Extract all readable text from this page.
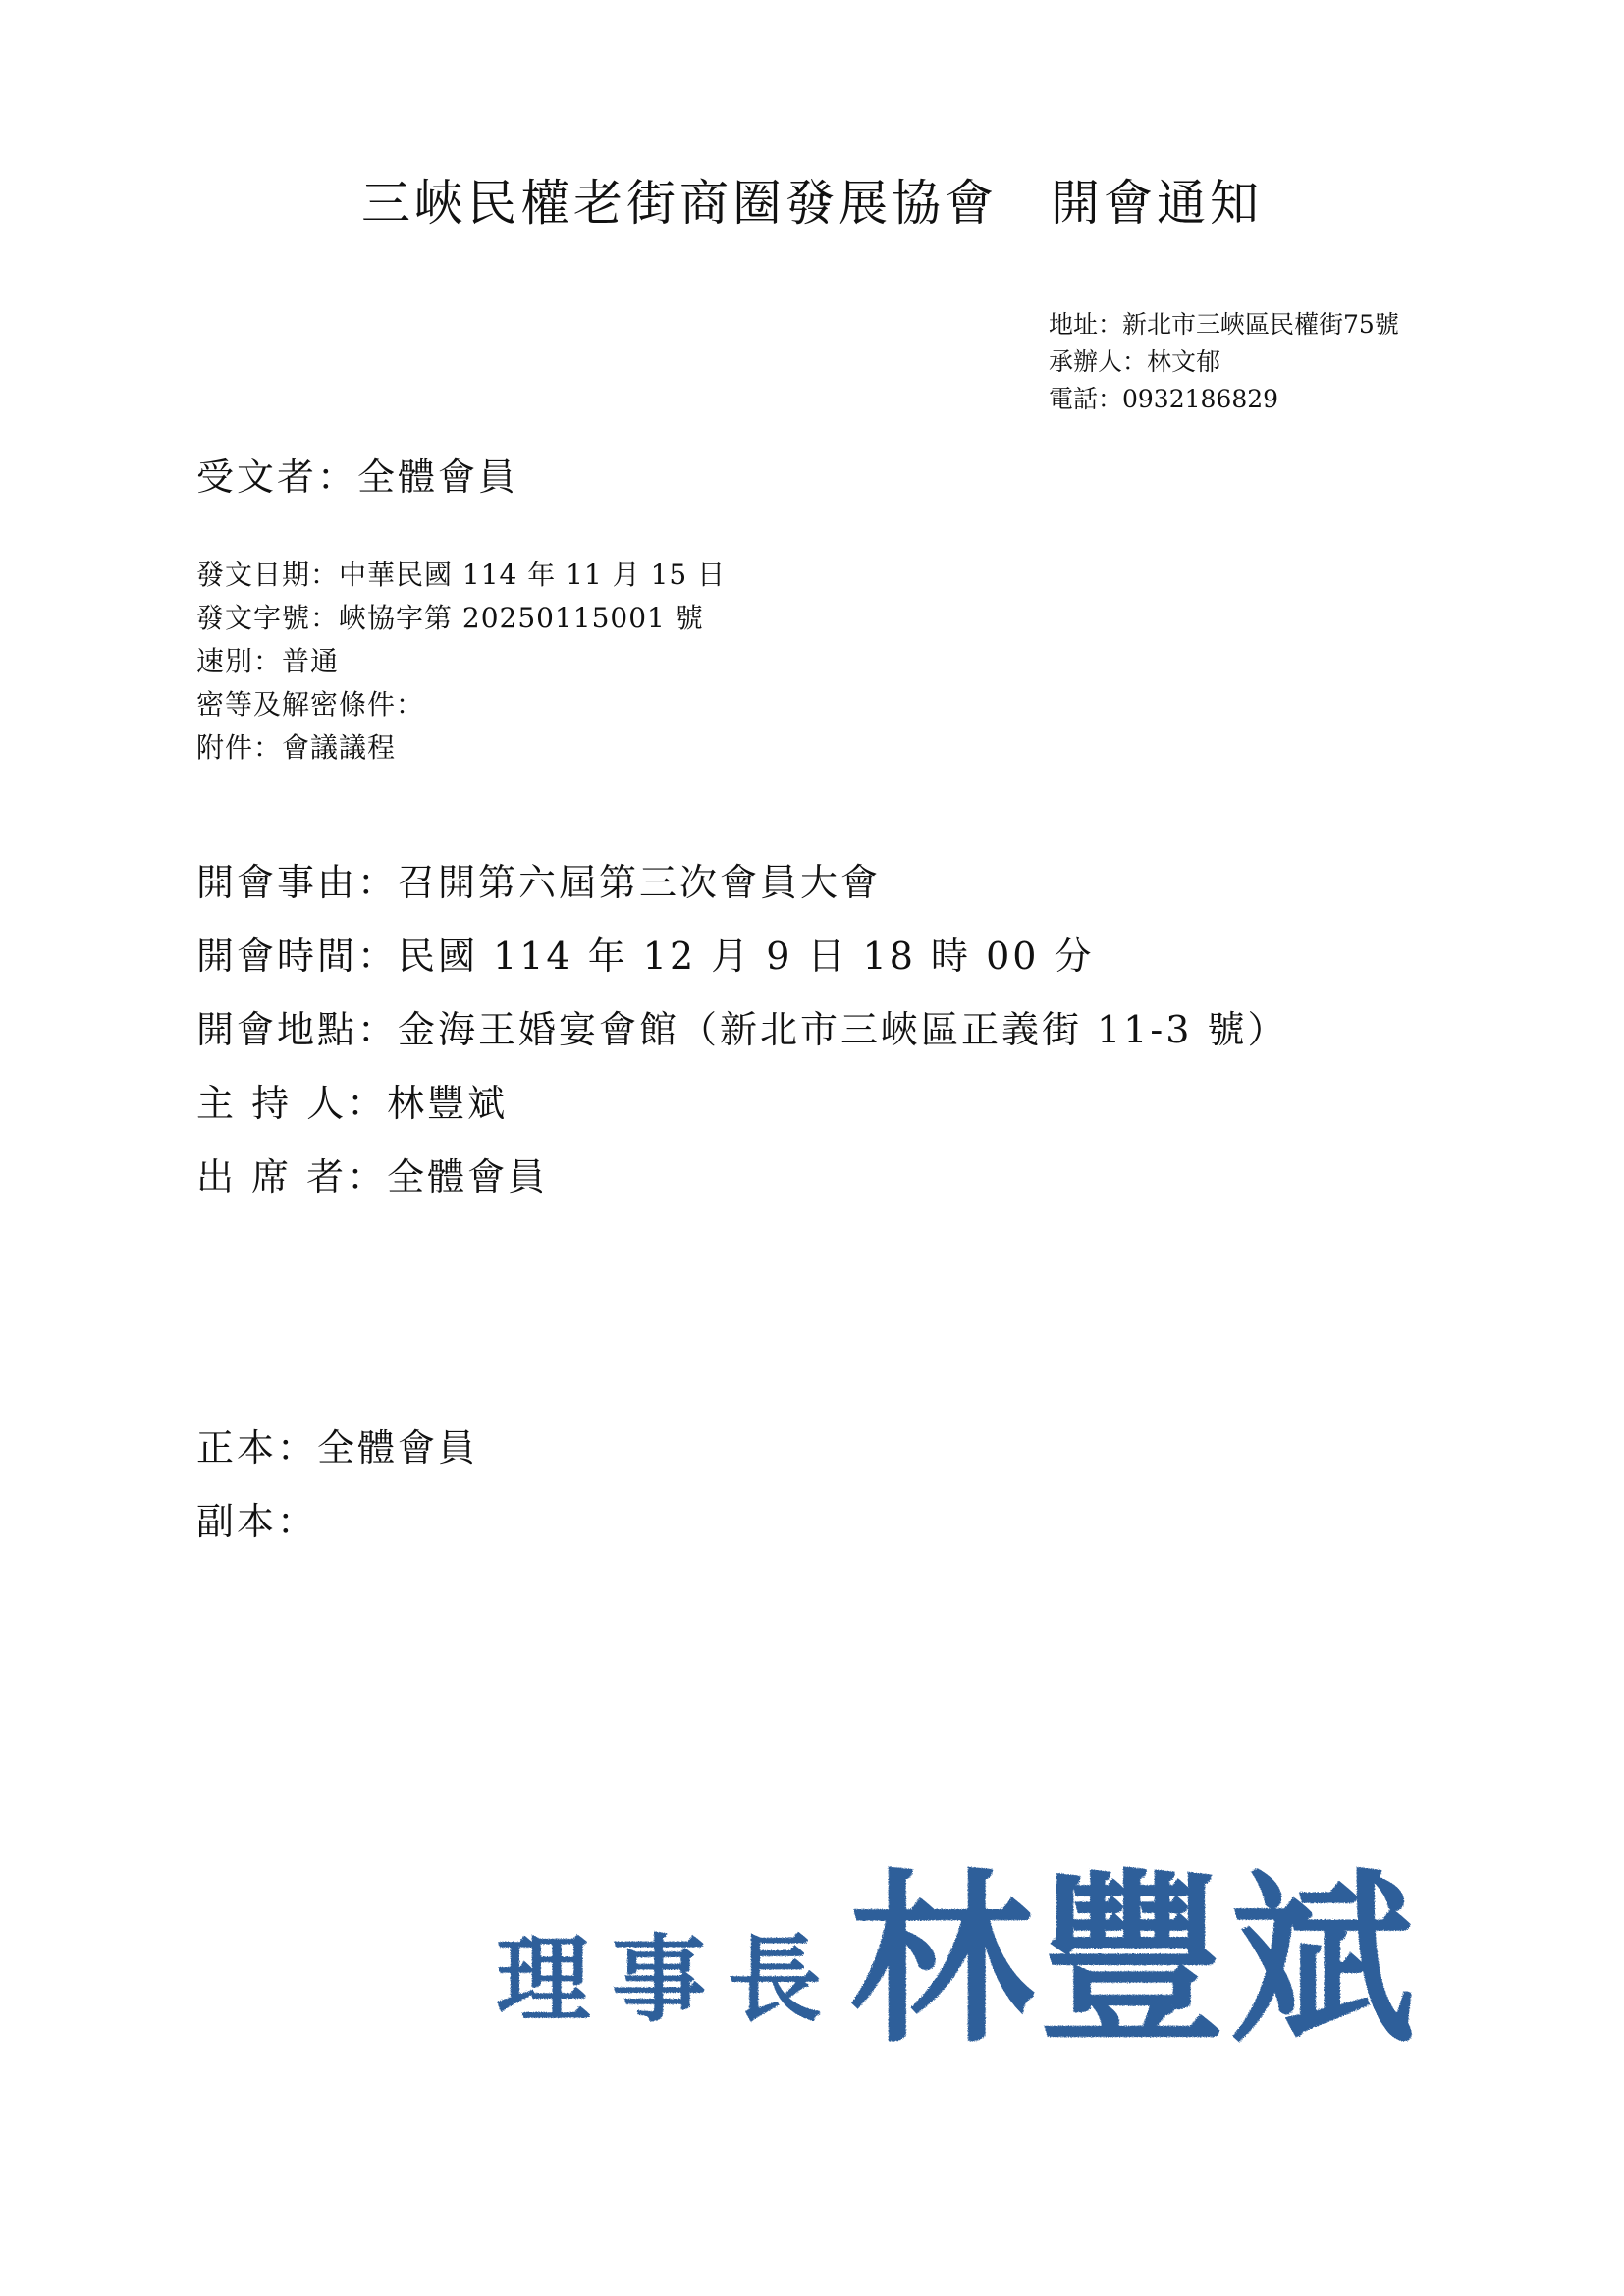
三峽民權老街商圈發展協會　開會通知
地址：新北市三峽區民權街75號
承辦人：林文郁
電話：0932186829
受文者：全體會員
發文日期：中華民國 114 年 11 月 15 日
發文字號：峽協字第 20250115001 號
速別：普通
密等及解密條件：
附件：會議議程
開會事由：召開第六屆第三次會員大會
開會時間：民國 114 年 12 月 9 日 18 時 00 分
開會地點：金海王婚宴會館（新北市三峽區正義街 11-3 號）
主 持 人：林豐斌
出 席 者：全體會員
正本：全體會員
副本：
理事長 林豐斌
